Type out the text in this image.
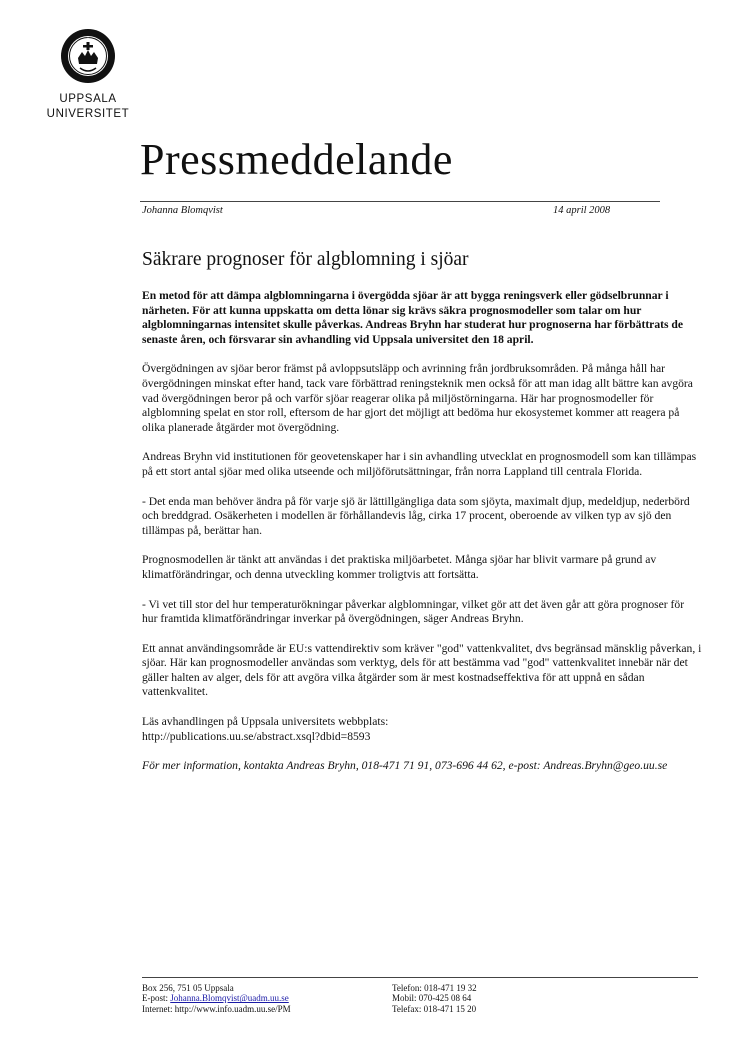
UPPSALA
UNIVERSITET
Pressmeddelande
Johanna Blomqvist	14 april 2008
Säkrare prognoser för algblomning i sjöar

En metod för att dämpa algblomningarna i övergödda sjöar är att bygga reningsverk eller gödselbrunnar i närheten. För att kunna uppskatta om detta lönar sig krävs säkra prognosmodeller som talar om hur algblomningarnas intensitet skulle påverkas. Andreas Bryhn har studerat hur prognoserna har förbättrats de senaste åren, och försvarar sin avhandling vid Uppsala universitet den 18 april.

Övergödningen av sjöar beror främst på avloppsutsläpp och avrinning från jordbruksområden. På många håll har övergödningen minskat efter hand, tack vare förbättrad reningsteknik men också för att man idag allt bättre kan avgöra vad övergödningen beror på och varför sjöar reagerar olika på miljöstörningarna. Här har prognosmodeller för algblomning spelat en stor roll, eftersom de har gjort det möjligt att bedöma hur ekosystemet kommer att reagera på olika planerade åtgärder mot övergödning.

Andreas Bryhn vid institutionen för geovetenskaper har i sin avhandling utvecklat en prognosmodell som kan tillämpas på ett stort antal sjöar med olika utseende och miljöförutsättningar, från norra Lappland till centrala Florida.

- Det enda man behöver ändra på för varje sjö är lättillgängliga data som sjöyta, maximalt djup, medeldjup, nederbörd och breddgrad. Osäkerheten i modellen är förhållandevis låg, cirka 17 procent, oberoende av vilken typ av sjö den tillämpas på, berättar han.

Prognosmodellen är tänkt att användas i det praktiska miljöarbetet. Många sjöar har blivit varmare på grund av klimatförändringar, och denna utveckling kommer troligtvis att fortsätta.

- Vi vet till stor del hur temperaturökningar påverkar algblomningar, vilket gör att det även går att göra prognoser för hur framtida klimatförändringar inverkar på övergödningen, säger Andreas Bryhn.

Ett annat användingsområde är EU:s vattendirektiv som kräver "god" vattenkvalitet, dvs begränsad mänsklig påverkan, i sjöar. Här kan prognosmodeller användas som verktyg, dels för att bestämma vad "god" vattenkvalitet innebär när det gäller halten av alger, dels för att avgöra vilka åtgärder som är mest kostnadseffektiva för att uppnå en sådan vattenkvalitet.

Läs avhandlingen på Uppsala universitets webbplats:
http://publications.uu.se/abstract.xsql?dbid=8593

För mer information, kontakta Andreas Bryhn, 018-471 71 91, 073-696 44 62, e-post: Andreas.Bryhn@geo.uu.se

Box 256, 751 05 Uppsala
E-post: Johanna.Blomqvist@uadm.uu.se
Internet: http://www.info.uadm.uu.se/PM
Telefon: 018-471 19 32
Mobil: 070-425 08 64
Telefax: 018-471 15 20
